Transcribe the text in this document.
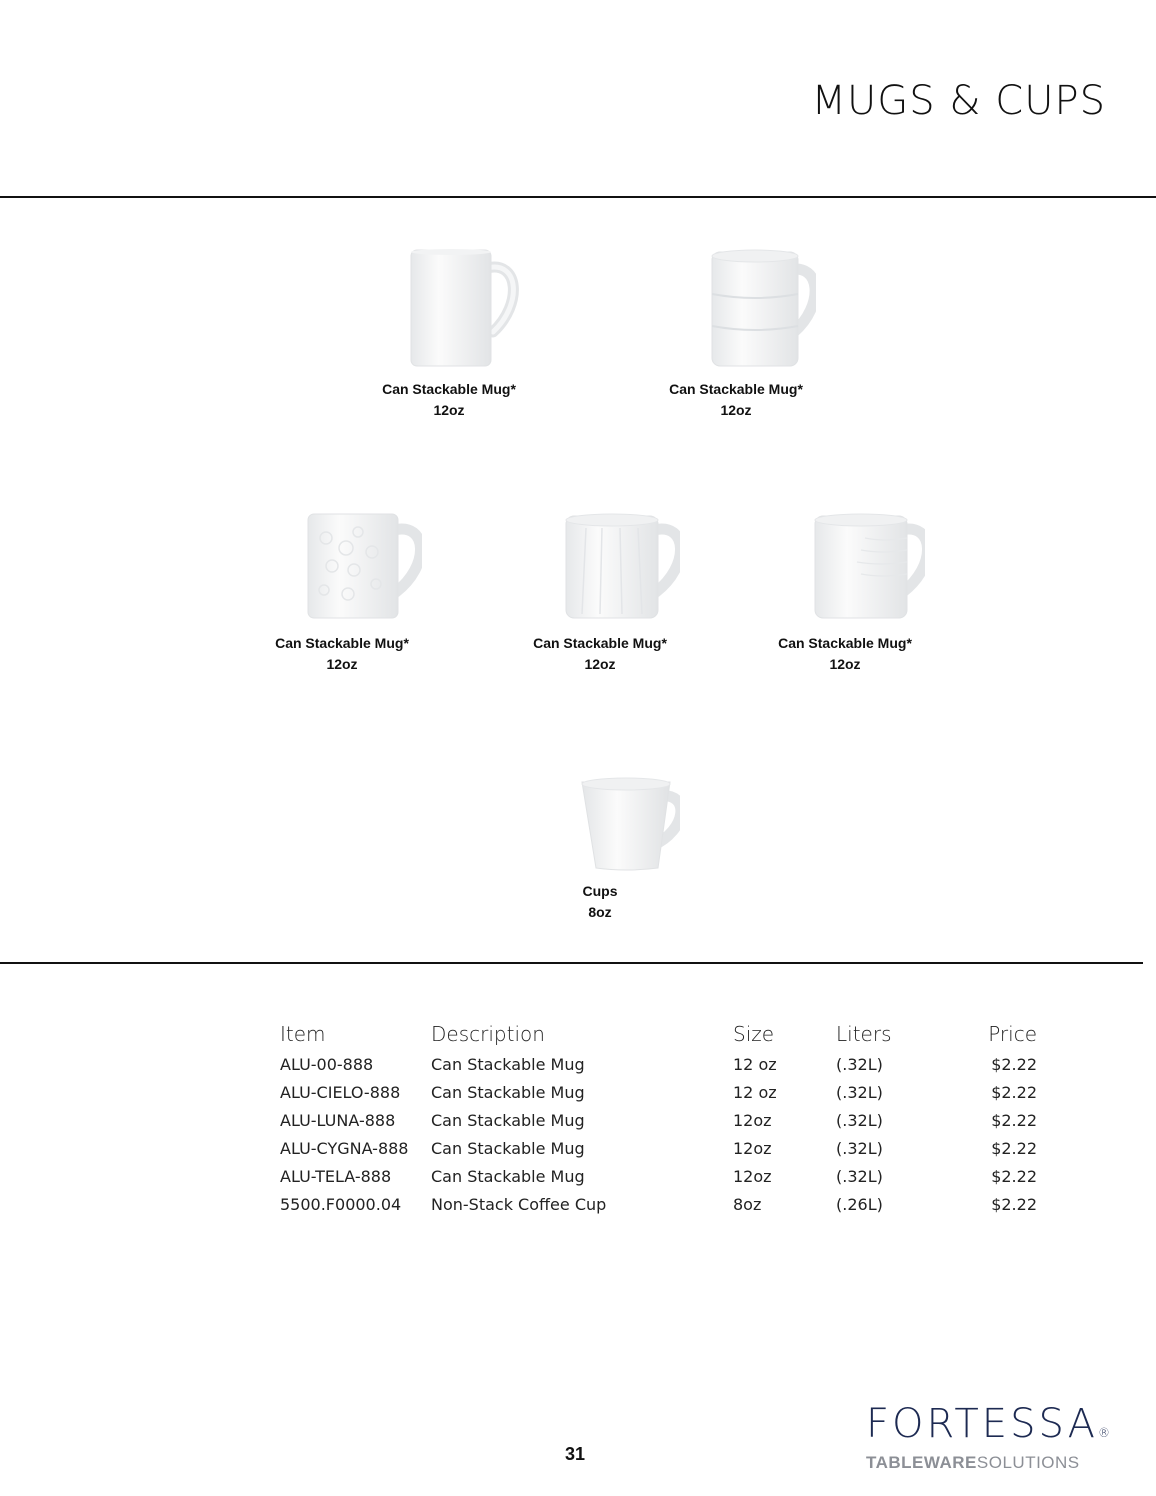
MUGS & CUPS
Can Stackable Mug*
12oz
Can Stackable Mug*
12oz
Can Stackable Mug*
12oz
Can Stackable Mug*
12oz
Can Stackable Mug*
12oz
Cups
8oz
Item	Description	Size	Liters	Price
ALU-00-888	Can Stackable Mug	12 oz	(.32L)	$2.22
ALU-CIELO-888	Can Stackable Mug	12 oz	(.32L)	$2.22
ALU-LUNA-888	Can Stackable Mug	12oz	(.32L)	$2.22
ALU-CYGNA-888	Can Stackable Mug	12oz	(.32L)	$2.22
ALU-TELA-888	Can Stackable Mug	12oz	(.32L)	$2.22
5500.F0000.04	Non-Stack Coffee Cup	8oz	(.26L)	$2.22
31
FORTESSA®
TABLEWARESOLUTIONS
